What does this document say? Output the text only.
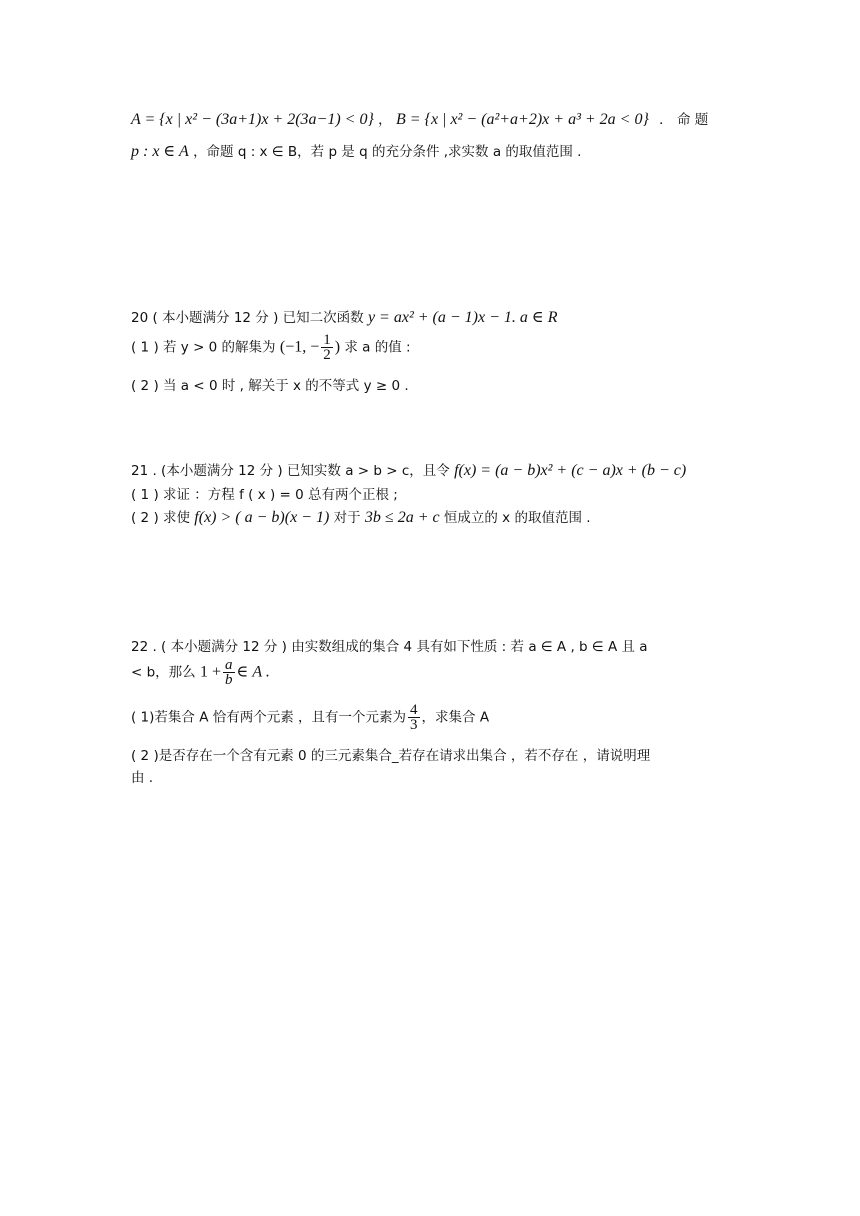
A = {x | x² − (3a+1)x + 2(3a−1) < 0} ， B = {x | x² − (a²+a+2)x + a³ + 2a < 0} ． 命 题
p : x ∈ A ，命题 q : x ∈ B，若 p 是 q 的充分条件 ,求实数 a 的取值范围 .
20 ( 本小题满分 12 分 ) 已知二次函数 y = ax² + (a − 1)x − 1. a ∈ R
( 1 ) 若 y > 0 的解集为 (−1, − $\frac{1}{2}$ ) 求 a 的值 :
( 2 ) 当 a < 0 时 , 解关于 x 的不等式 y ≥ 0 .
21 . (本小题满分 12 分 ) 已知实数 a > b > c，且令 f(x) = (a − b)x² + (c − a)x + (b − c)
( 1 ) 求证 ：方程 f ( x ) = 0 总有两个正根 ;
( 2 ) 求使 f(x) > ( a − b)(x − 1) 对于 3b ≤ 2a + c 恒成立的 x 的取值范围 .
22 . ( 本小题满分 12 分 ) 由实数组成的集合 4 具有如下性质 : 若 a ∈ A , b ∈ A 且 a
< b，那么 $1 + \frac{a}{b}$ ∈ A .
( 1)若集合 A 恰有两个元素 ，且有一个元素为 $\frac{4}{3}$ ，求集合 A
( 2 )是否存在一个含有元素 0 的三元素集合_若存在请求出集合 ，若不存在 ，请说明理
由 .
